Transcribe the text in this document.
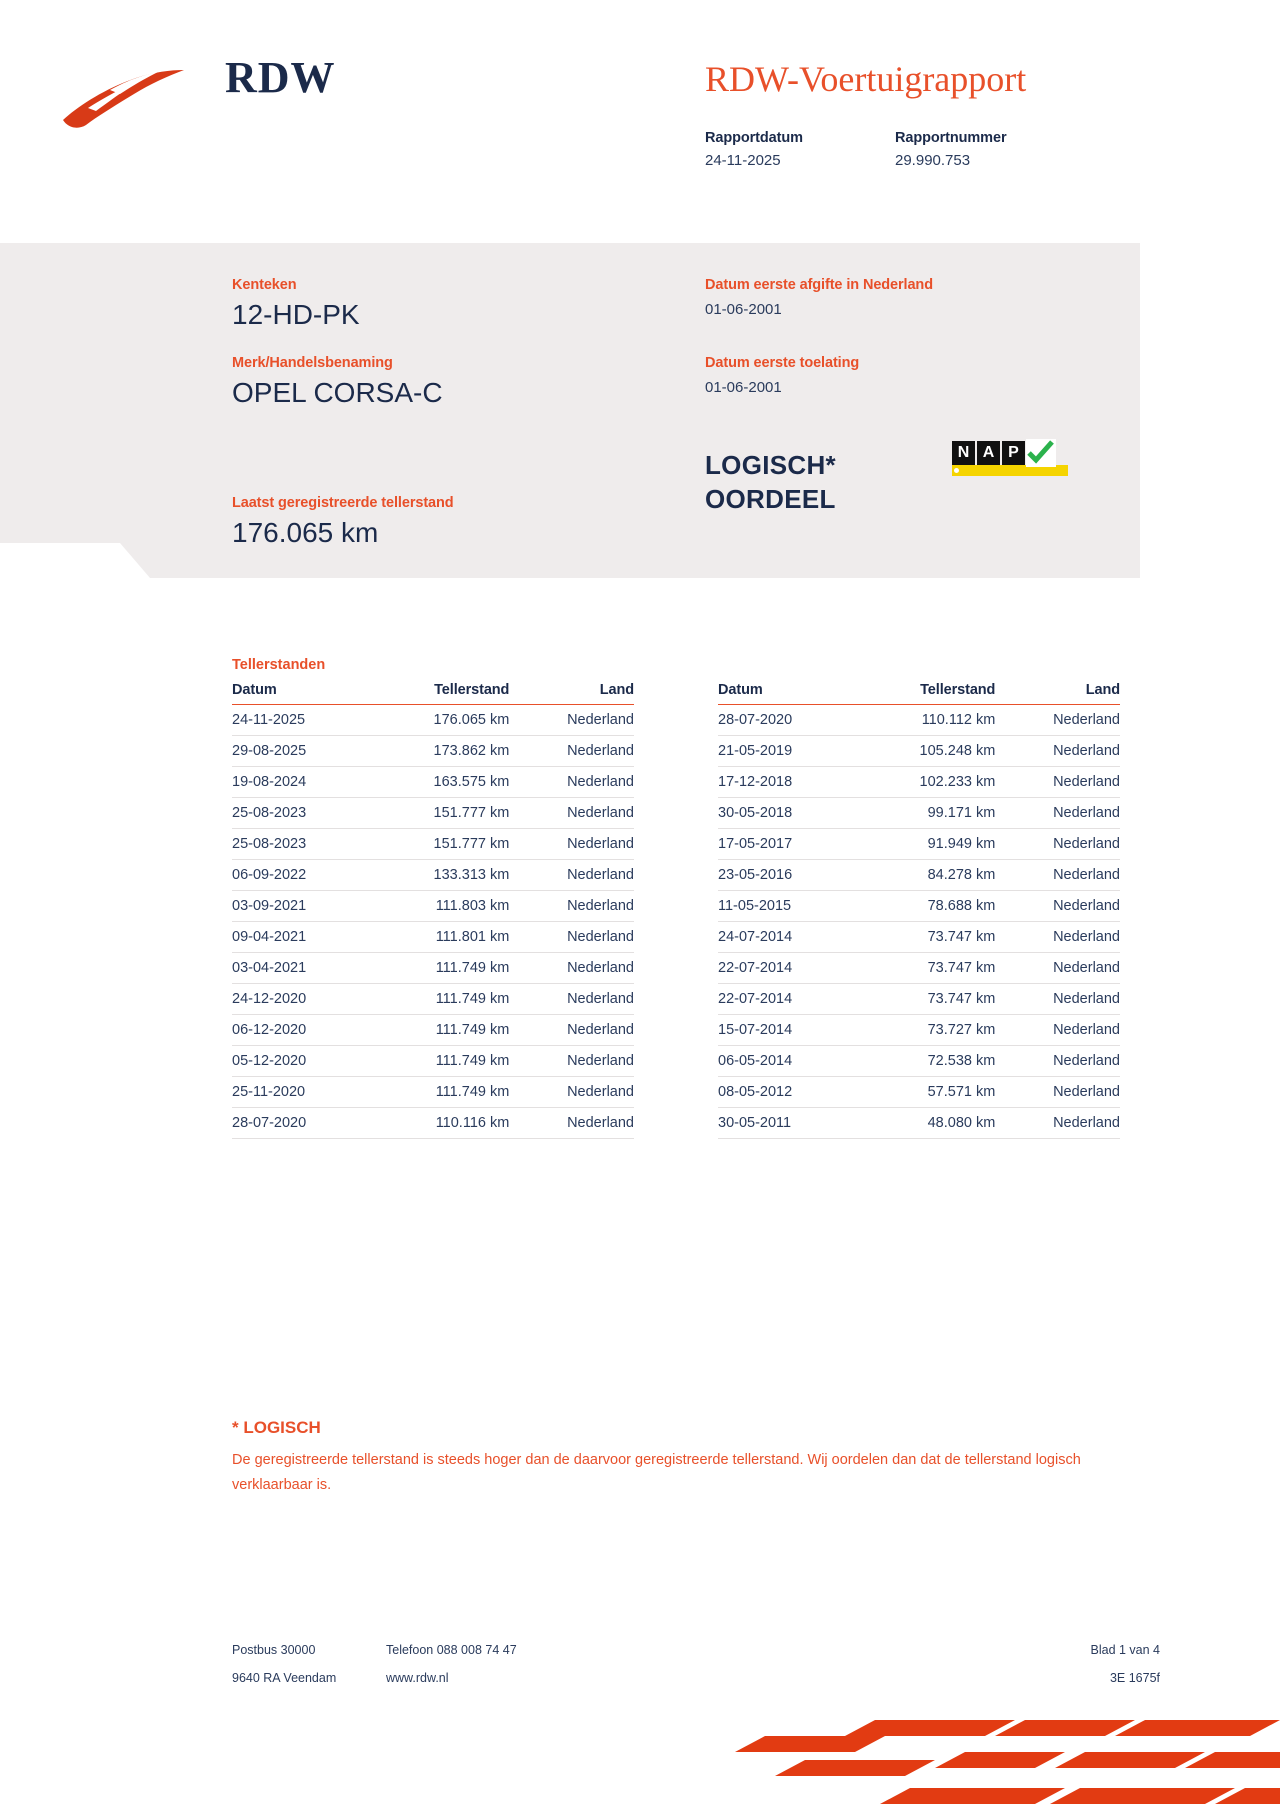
RDW	RDW-Voertuigrapport
Rapportdatum
24-11-2025
Rapportnummer
29.990.753
Kenteken
12-HD-PK
Merk/Handelsbenaming
OPEL CORSA-C
Laatst geregistreerde tellerstand
176.065 km
Datum eerste afgifte in Nederland
01-06-2001
Datum eerste toelating
01-06-2001
LOGISCH*
OORDEEL
N A P
Tellerstanden
Datum	Tellerstand	Land
24-11-2025	176.065 km	Nederland
29-08-2025	173.862 km	Nederland
19-08-2024	163.575 km	Nederland
25-08-2023	151.777 km	Nederland
25-08-2023	151.777 km	Nederland
06-09-2022	133.313 km	Nederland
03-09-2021	111.803 km	Nederland
09-04-2021	111.801 km	Nederland
03-04-2021	111.749 km	Nederland
24-12-2020	111.749 km	Nederland
06-12-2020	111.749 km	Nederland
05-12-2020	111.749 km	Nederland
25-11-2020	111.749 km	Nederland
28-07-2020	110.116 km	Nederland
Datum	Tellerstand	Land
28-07-2020	110.112 km	Nederland
21-05-2019	105.248 km	Nederland
17-12-2018	102.233 km	Nederland
30-05-2018	99.171 km	Nederland
17-05-2017	91.949 km	Nederland
23-05-2016	84.278 km	Nederland
11-05-2015	78.688 km	Nederland
24-07-2014	73.747 km	Nederland
22-07-2014	73.747 km	Nederland
22-07-2014	73.747 km	Nederland
15-07-2014	73.727 km	Nederland
06-05-2014	72.538 km	Nederland
08-05-2012	57.571 km	Nederland
30-05-2011	48.080 km	Nederland
* LOGISCH
De geregistreerde tellerstand is steeds hoger dan de daarvoor geregistreerde tellerstand. Wij oordelen dan dat de tellerstand logisch verklaarbaar is.
Postbus 30000
9640 RA Veendam
Telefoon 088 008 74 47
www.rdw.nl
Blad 1 van 4
3E 1675f
